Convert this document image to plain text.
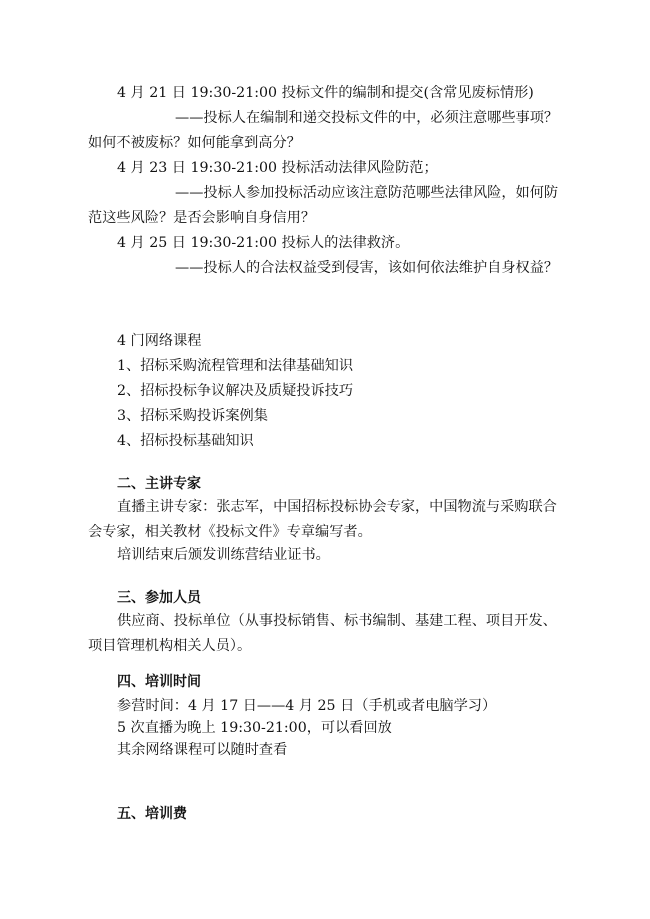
4 月 21 日 19:30-21:00 投标文件的编制和提交(含常见废标情形)

——投标人在编制和递交投标文件的中，必须注意哪些事项？如何不被废标？如何能拿到高分？

4 月 23 日 19:30-21:00 投标活动法律风险防范；

——投标人参加投标活动应该注意防范哪些法律风险，如何防范这些风险？是否会影响自身信用？

4 月 25 日 19:30-21:00 投标人的法律救济。

——投标人的合法权益受到侵害，该如何依法维护自身权益？

4 门网络课程

1、招标采购流程管理和法律基础知识

2、招标投标争议解决及质疑投诉技巧

3、招标采购投诉案例集

4、招标投标基础知识

二、主讲专家

直播主讲专家：张志军，中国招标投标协会专家，中国物流与采购联合会专家，相关教材《投标文件》专章编写者。

培训结束后颁发训练营结业证书。

三、参加人员

供应商、投标单位（从事投标销售、标书编制、基建工程、项目开发、项目管理机构相关人员）。

四、培训时间

参营时间：4 月 17 日——4 月 25 日（手机或者电脑学习）

5 次直播为晚上 19:30-21:00，可以看回放

其余网络课程可以随时查看

五、培训费
